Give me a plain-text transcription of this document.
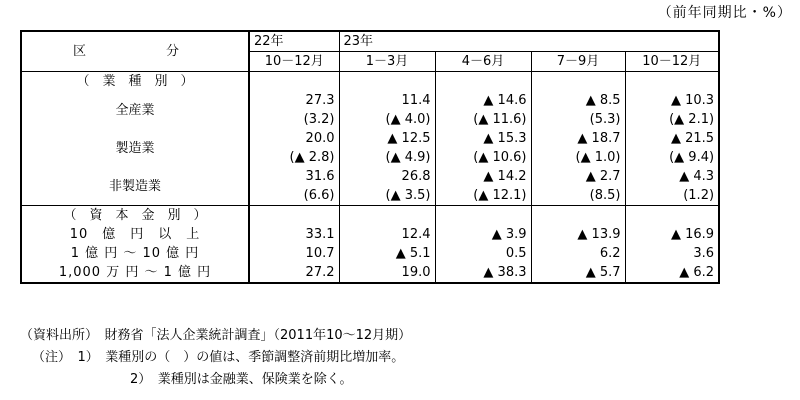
（前年同期比・%）
区　　分	22年	23年			
	10－12月	1－3月	4－6月	7－9月	10－12月
（　業　種　別　）					
全産業	27.3	11.4	▲ 14.6	▲ 8.5	▲ 10.3
	(3.2)	(▲ 4.0)	(▲ 11.6)	(5.3)	(▲ 2.1)
製造業	20.0	▲ 12.5	▲ 15.3	▲ 18.7	▲ 21.5
	(▲ 2.8)	(▲ 4.9)	(▲ 10.6)	(▲ 1.0)	(▲ 9.4)
非製造業	31.6	26.8	▲ 14.2	▲ 2.7	▲ 4.3
	(6.6)	(▲ 3.5)	(▲ 12.1)	(8.5)	(1.2)
（　資　本　金　別　）					
10　億　円　以　上	33.1	12.4	▲ 3.9	▲ 13.9	▲ 16.9
1 億 円 ～ 10 億 円	10.7	▲ 5.1	0.5	6.2	3.6
1,000 万 円 ～ 1 億 円	27.2	19.0	▲ 38.3	▲ 5.7	▲ 6.2
（資料出所）　財務省「法人企業統計調査」（2011年10～12月期）
（注）　1）　業種別の（　）の値は、季節調整済前期比増加率。
2）　業種別は金融業、保険業を除く。
